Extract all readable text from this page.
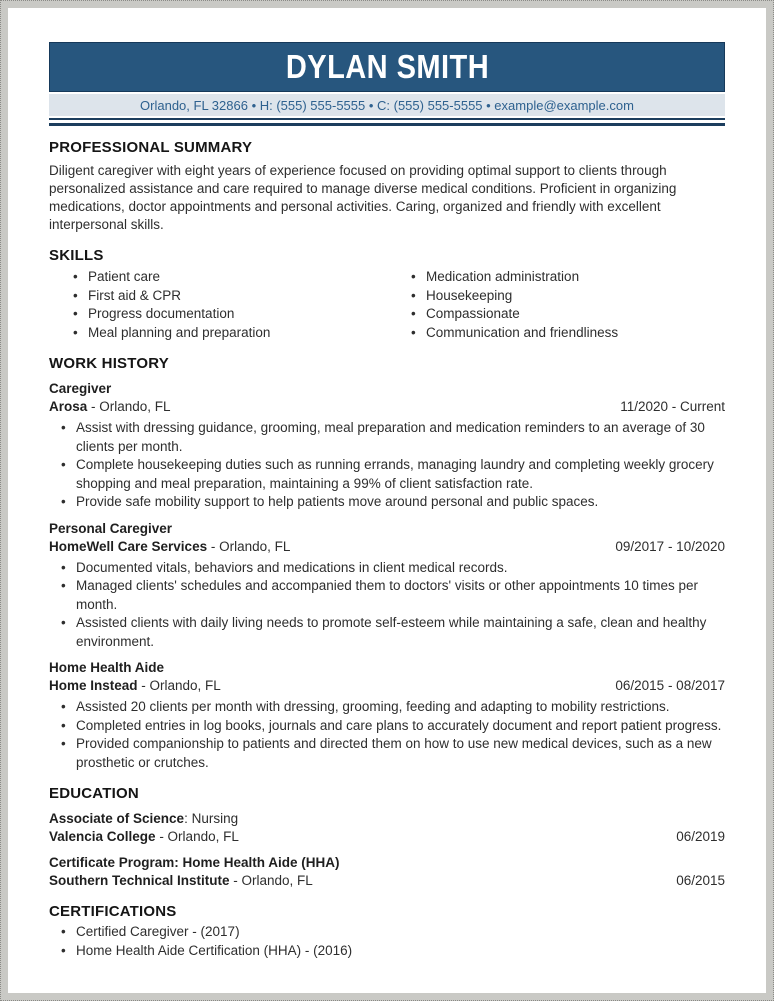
DYLAN SMITH
Orlando, FL 32866 • H: (555) 555-5555 • C: (555) 555-5555 • example@example.com
PROFESSIONAL SUMMARY
Diligent caregiver with eight years of experience focused on providing optimal support to clients through personalized assistance and care required to manage diverse medical conditions. Proficient in organizing medications, doctor appointments and personal activities. Caring, organized and friendly with excellent interpersonal skills.
SKILLS
• Patient care
• First aid & CPR
• Progress documentation
• Meal planning and preparation
• Medication administration
• Housekeeping
• Compassionate
• Communication and friendliness
WORK HISTORY
Caregiver
Arosa - Orlando, FL	11/2020 - Current
• Assist with dressing guidance, grooming, meal preparation and medication reminders to an average of 30 clients per month.
• Complete housekeeping duties such as running errands, managing laundry and completing weekly grocery shopping and meal preparation, maintaining a 99% of client satisfaction rate.
• Provide safe mobility support to help patients move around personal and public spaces.
Personal Caregiver
HomeWell Care Services - Orlando, FL	09/2017 - 10/2020
• Documented vitals, behaviors and medications in client medical records.
• Managed clients' schedules and accompanied them to doctors' visits or other appointments 10 times per month.
• Assisted clients with daily living needs to promote self-esteem while maintaining a safe, clean and healthy environment.
Home Health Aide
Home Instead - Orlando, FL	06/2015 - 08/2017
• Assisted 20 clients per month with dressing, grooming, feeding and adapting to mobility restrictions.
• Completed entries in log books, journals and care plans to accurately document and report patient progress.
• Provided companionship to patients and directed them on how to use new medical devices, such as a new prosthetic or crutches.
EDUCATION
Associate of Science: Nursing
Valencia College - Orlando, FL	06/2019
Certificate Program: Home Health Aide (HHA)
Southern Technical Institute - Orlando, FL	06/2015
CERTIFICATIONS
• Certified Caregiver - (2017)
• Home Health Aide Certification (HHA) - (2016)
